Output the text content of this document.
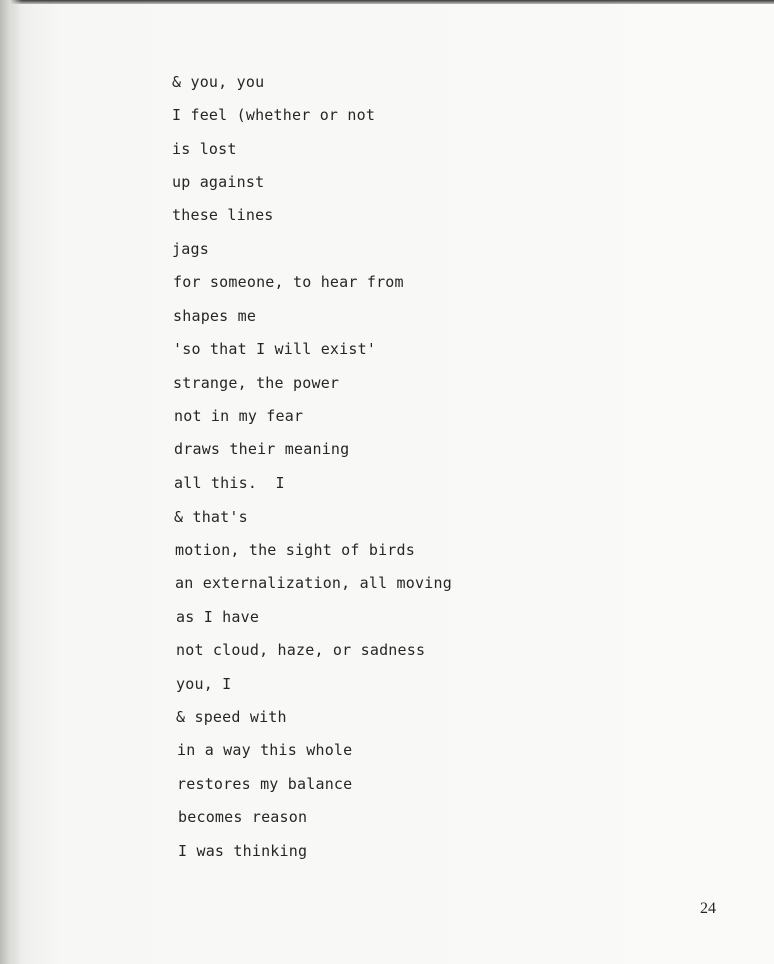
& you, you
I feel (whether or not
is lost
up against
these lines
jags
for someone, to hear from
shapes me
'so that I will exist'
strange, the power
not in my fear
draws their meaning
all this.  I
& that's
motion, the sight of birds
an externalization, all moving
as I have
not cloud, haze, or sadness
you, I
& speed with
in a way this whole
restores my balance
becomes reason
I was thinking
24
